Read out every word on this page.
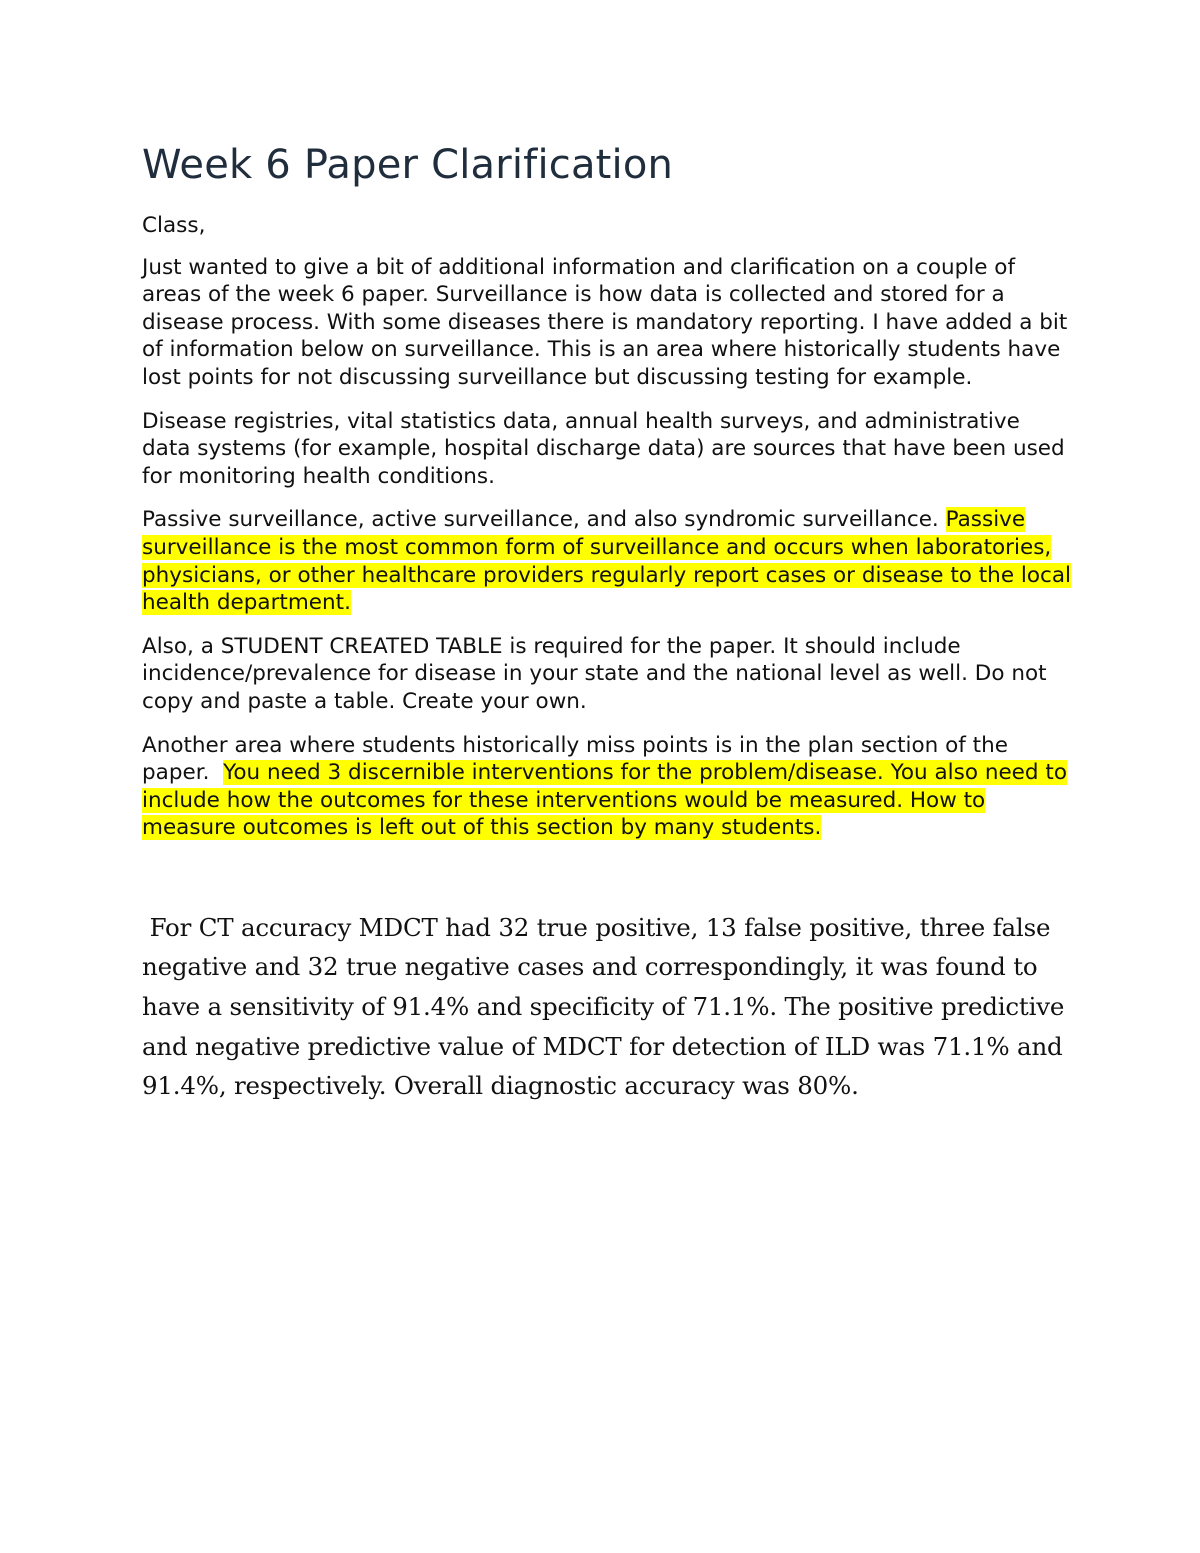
Week 6 Paper Clarification

Class,

Just wanted to give a bit of additional information and clarification on a couple of areas of the week 6 paper. Surveillance is how data is collected and stored for a disease process. With some diseases there is mandatory reporting. I have added a bit of information below on surveillance. This is an area where historically students have lost points for not discussing surveillance but discussing testing for example.

Disease registries, vital statistics data, annual health surveys, and administrative data systems (for example, hospital discharge data) are sources that have been used for monitoring health conditions.

Passive surveillance, active surveillance, and also syndromic surveillance. Passive surveillance is the most common form of surveillance and occurs when laboratories, physicians, or other healthcare providers regularly report cases or disease to the local health department.

Also, a STUDENT CREATED TABLE is required for the paper. It should include incidence/prevalence for disease in your state and the national level as well. Do not copy and paste a table. Create your own.

Another area where students historically miss points is in the plan section of the paper. You need 3 discernible interventions for the problem/disease. You also need to include how the outcomes for these interventions would be measured. How to measure outcomes is left out of this section by many students.

For CT accuracy MDCT had 32 true positive, 13 false positive, three false negative and 32 true negative cases and correspondingly, it was found to have a sensitivity of 91.4% and specificity of 71.1%. The positive predictive and negative predictive value of MDCT for detection of ILD was 71.1% and 91.4%, respectively. Overall diagnostic accuracy was 80%.
